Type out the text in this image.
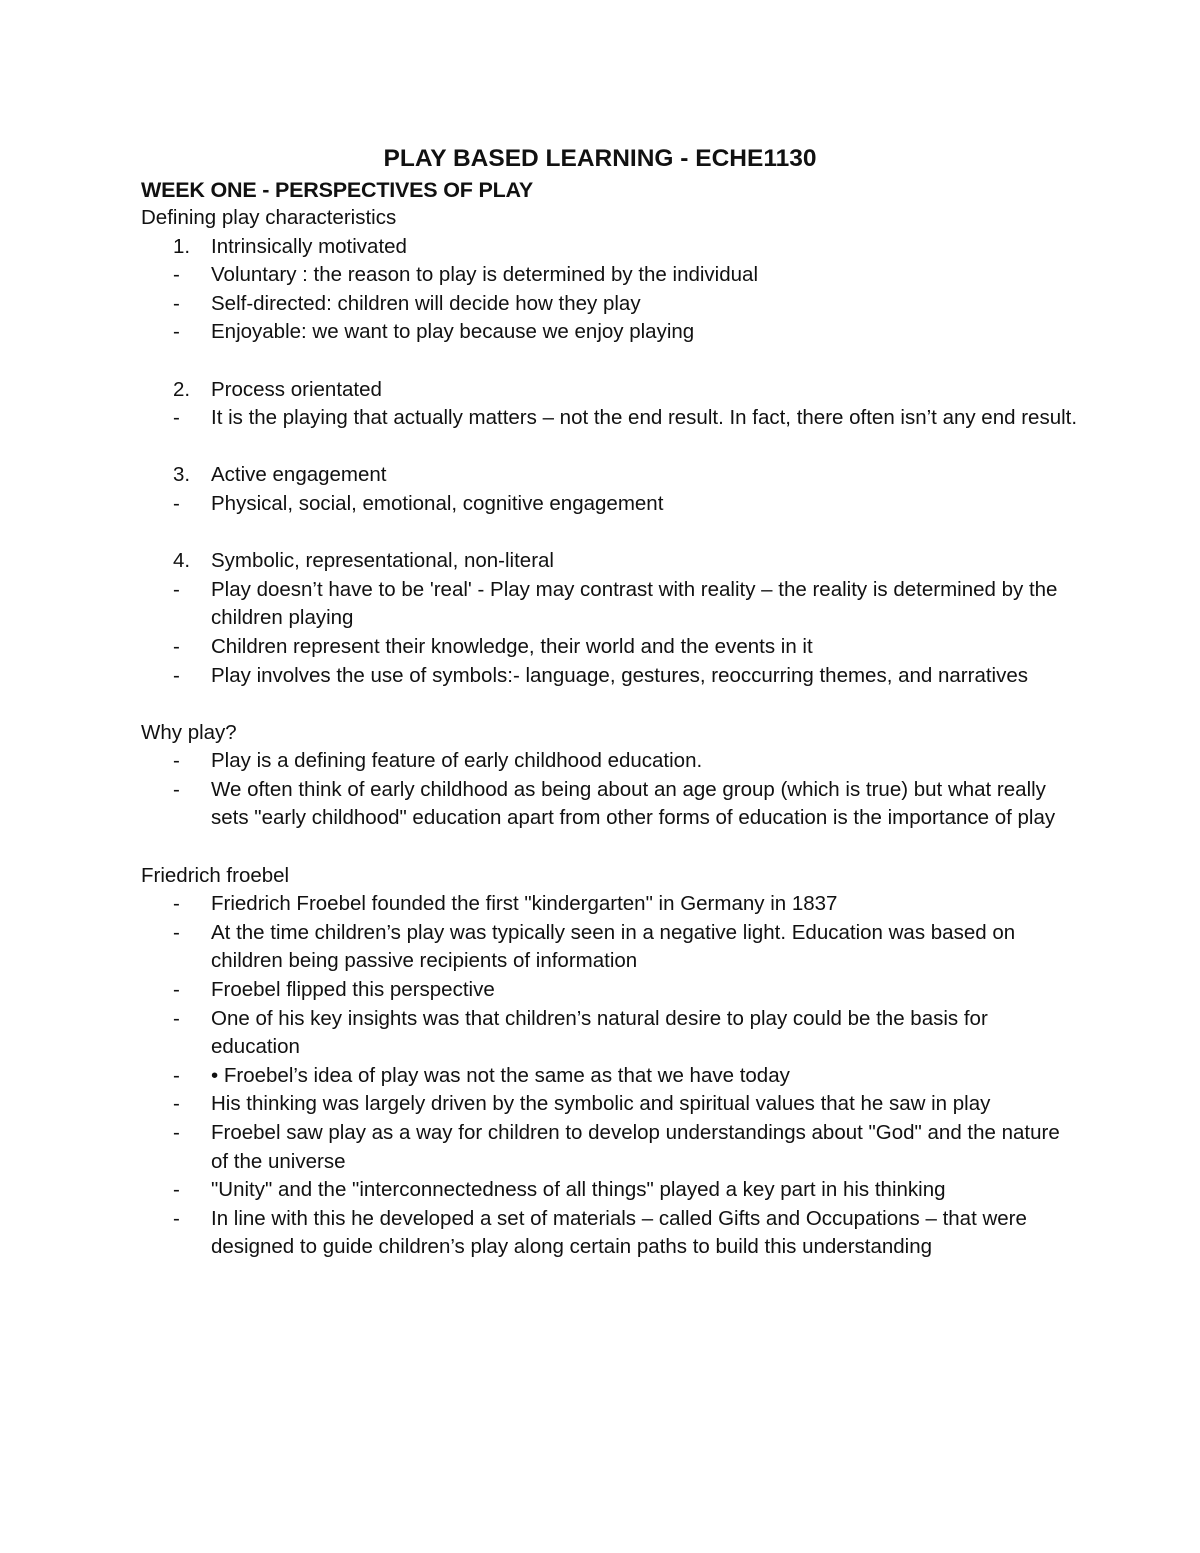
PLAY BASED LEARNING - ECHE1130
WEEK ONE - PERSPECTIVES OF PLAY

Defining play characteristics

1. Intrinsically motivated
- Voluntary : the reason to play is determined by the individual
- Self-directed: children will decide how they play
- Enjoyable: we want to play because we enjoy playing
2. Process orientated
- It is the playing that actually matters – not the end result. In fact, there often isn’t any end result.
3. Active engagement
- Physical, social, emotional, cognitive engagement
4. Symbolic, representational, non-literal
- Play doesn’t have to be 'real' - Play may contrast with reality – the reality is determined by the children playing
- Children represent their knowledge, their world and the events in it
- Play involves the use of symbols:- language, gestures, reoccurring themes, and narratives

Why play?

- Play is a defining feature of early childhood education.
- We often think of early childhood as being about an age group (which is true) but what really sets "early childhood" education apart from other forms of education is the importance of play

Friedrich froebel

- Friedrich Froebel founded the first "kindergarten" in Germany in 1837
- At the time children’s play was typically seen in a negative light. Education was based on children being passive recipients of information
- Froebel flipped this perspective
- One of his key insights was that children’s natural desire to play could be the basis for education
- • Froebel’s idea of play was not the same as that we have today
- His thinking was largely driven by the symbolic and spiritual values that he saw in play
- Froebel saw play as a way for children to develop understandings about "God" and the nature of the universe
- "Unity" and the "interconnectedness of all things" played a key part in his thinking
- In line with this he developed a set of materials – called Gifts and Occupations – that were designed to guide children’s play along certain paths to build this understanding
